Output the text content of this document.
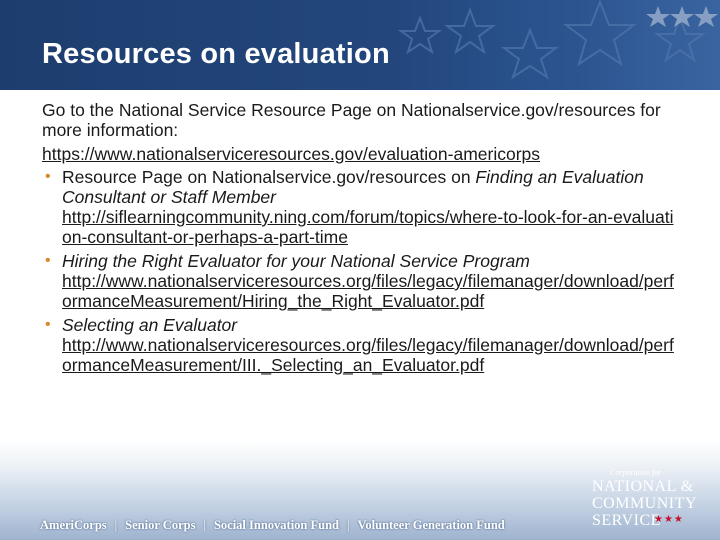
Resources on evaluation

Go to the National Service Resource Page on Nationalservice.gov/resources for more information:

https://www.nationalserviceresources.gov/evaluation-americorps

• Resource Page on Nationalservice.gov/resources on Finding an Evaluation Consultant or Staff Member
http://siflearningcommunity.ning.com/forum/topics/where-to-look-for-an-evaluation-consultant-or-perhaps-a-part-time
• Hiring the Right Evaluator for your National Service Program
http://www.nationalserviceresources.org/files/legacy/filemanager/download/performanceMeasurement/Hiring_the_Right_Evaluator.pdf
• Selecting an Evaluator
http://www.nationalserviceresources.org/files/legacy/filemanager/download/performanceMeasurement/III._Selecting_an_Evaluator.pdf
AmeriCorps | Senior Corps | Social Innovation Fund | Volunteer Generation Fund
Corporation for
NATIONAL &
COMMUNITY
SERVICE
★★★
